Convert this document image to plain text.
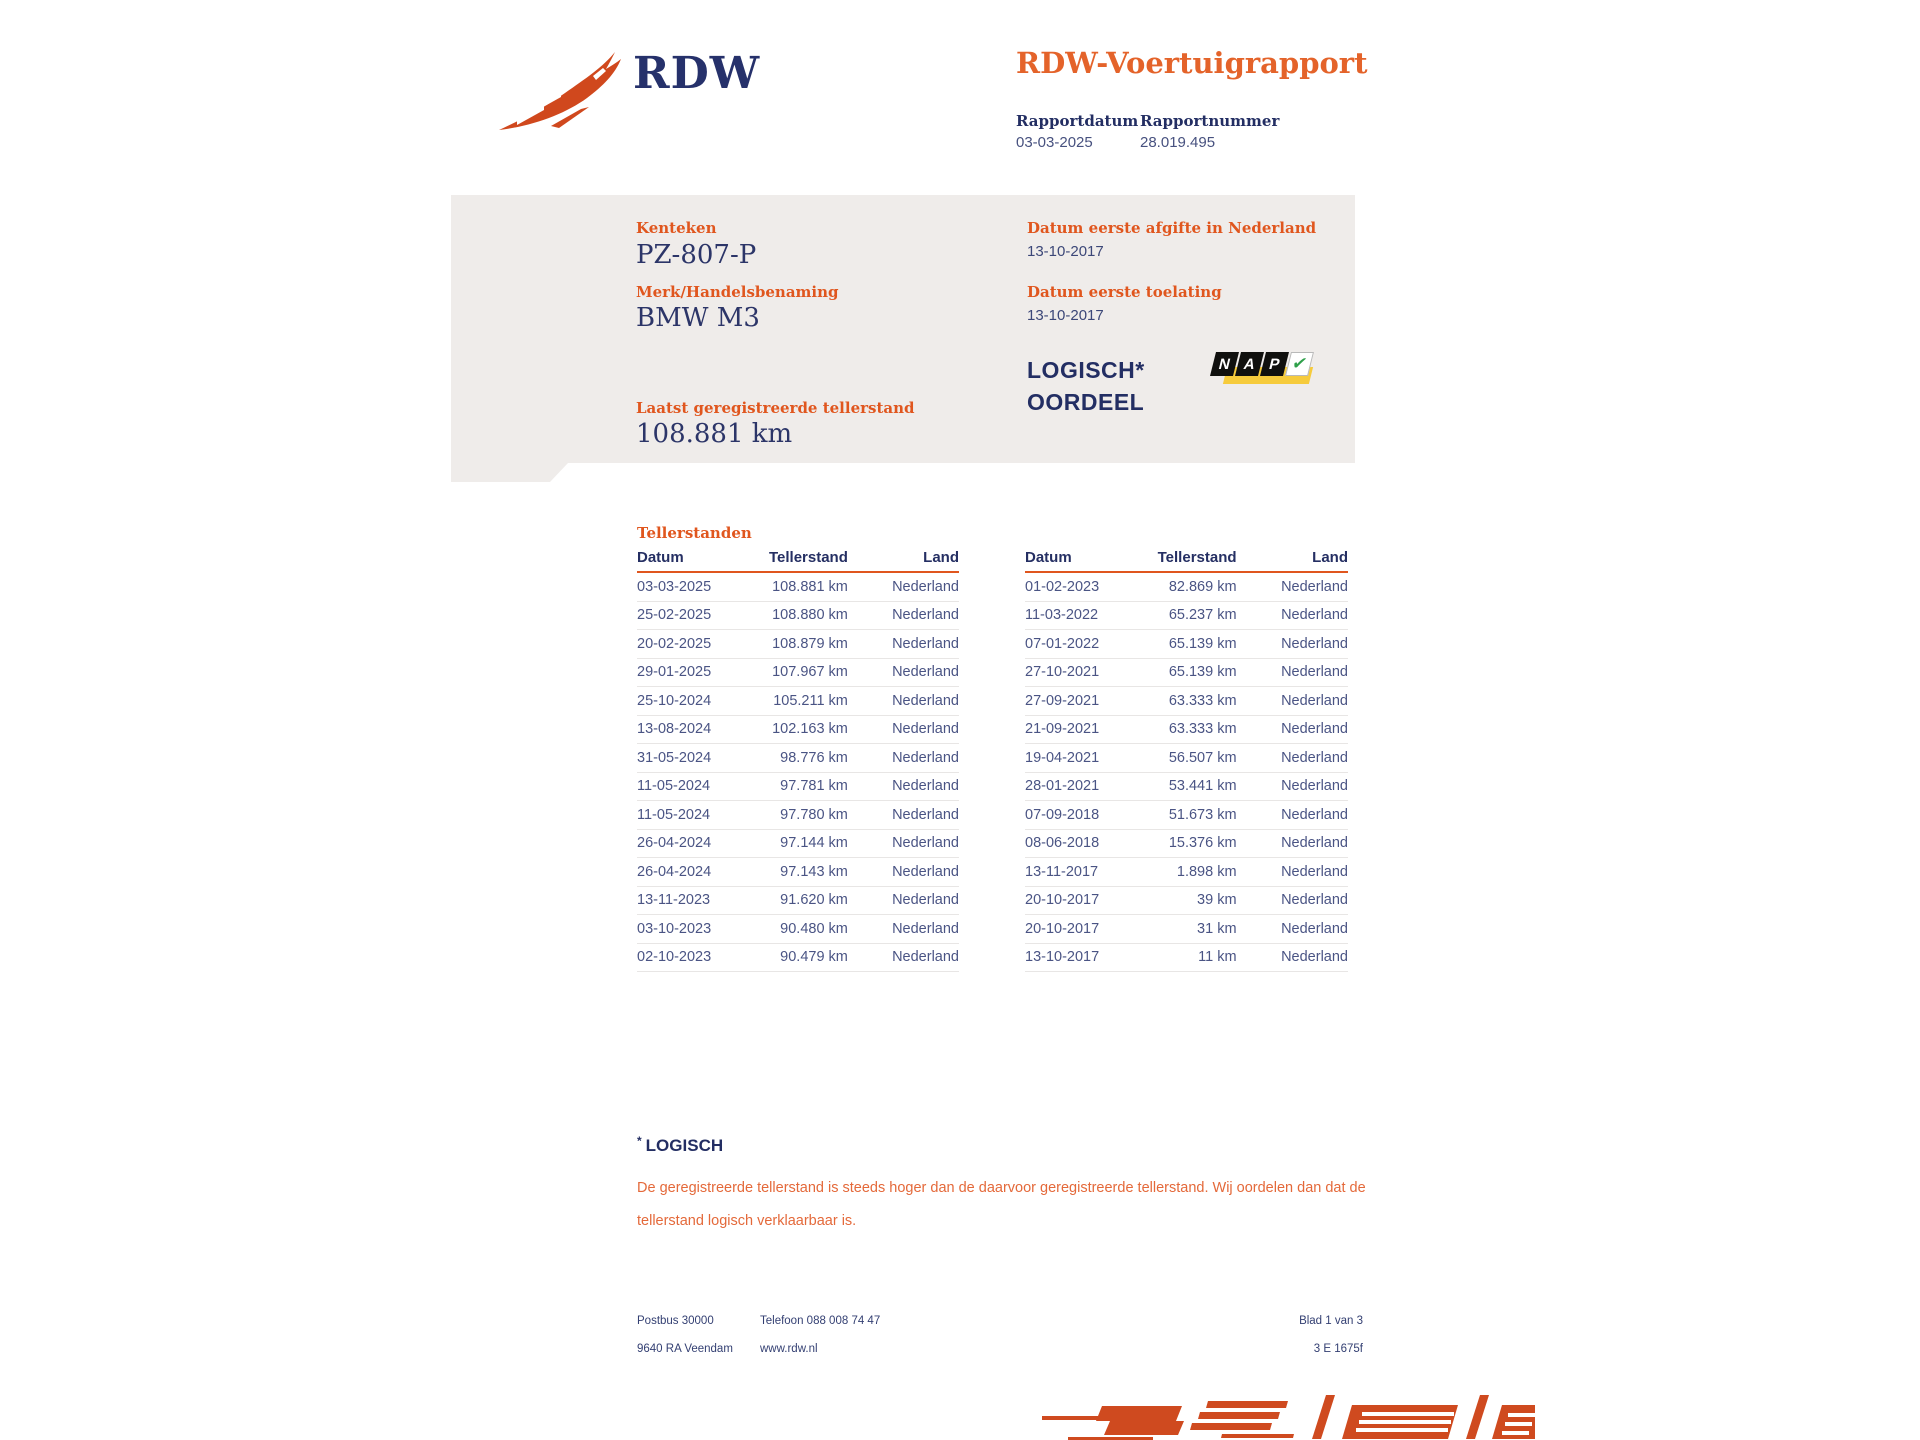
RDW	RDW-Voertuigrapport
Rapportdatum Rapportnummer
03-03-2025	28.019.495
Kenteken
PZ-807-P
Merk/Handelsbenaming
BMW M3
Laatst geregistreerde tellerstand
108.881 km
Datum eerste afgifte in Nederland
13-10-2017
Datum eerste toelating
13-10-2017
LOGISCH*
OORDEEL
N A P ✔
Tellerstanden
Datum	Tellerstand	Land
03-03-2025	108.881 km	Nederland
25-02-2025	108.880 km	Nederland
20-02-2025	108.879 km	Nederland
29-01-2025	107.967 km	Nederland
25-10-2024	105.211 km	Nederland
13-08-2024	102.163 km	Nederland
31-05-2024	98.776 km	Nederland
11-05-2024	97.781 km	Nederland
11-05-2024	97.780 km	Nederland
26-04-2024	97.144 km	Nederland
26-04-2024	97.143 km	Nederland
13-11-2023	91.620 km	Nederland
03-10-2023	90.480 km	Nederland
02-10-2023	90.479 km	Nederland
Datum	Tellerstand	Land
01-02-2023	82.869 km	Nederland
11-03-2022	65.237 km	Nederland
07-01-2022	65.139 km	Nederland
27-10-2021	65.139 km	Nederland
27-09-2021	63.333 km	Nederland
21-09-2021	63.333 km	Nederland
19-04-2021	56.507 km	Nederland
28-01-2021	53.441 km	Nederland
07-09-2018	51.673 km	Nederland
08-06-2018	15.376 km	Nederland
13-11-2017	1.898 km	Nederland
20-10-2017	39 km	Nederland
20-10-2017	31 km	Nederland
13-10-2017	11 km	Nederland
* LOGISCH
De geregistreerde tellerstand is steeds hoger dan de daarvoor geregistreerde tellerstand. Wij oordelen dan dat de tellerstand logisch verklaarbaar is.
Postbus 30000
9640 RA Veendam
Telefoon 088 008 74 47
www.rdw.nl
Blad 1 van 3
3 E 1675f
